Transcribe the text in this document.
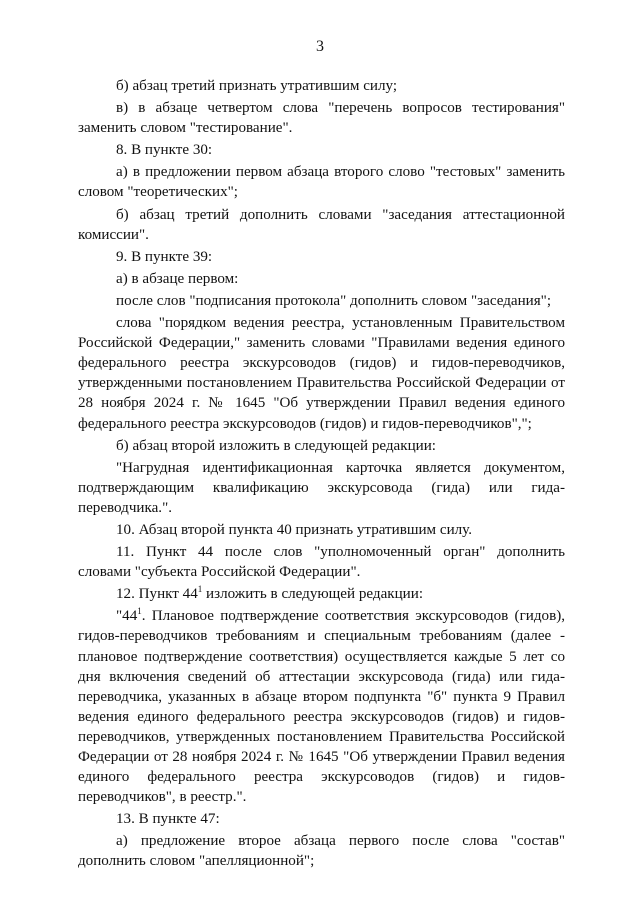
3

б) абзац третий признать утратившим силу;

в) в абзаце четвертом слова "перечень вопросов тестирования" заменить словом "тестирование".

8. В пункте 30:

а) в предложении первом абзаца второго слово "тестовых" заменить словом "теоретических";

б) абзац третий дополнить словами "заседания аттестационной комиссии".

9. В пункте 39:

а) в абзаце первом:

после слов "подписания протокола" дополнить словом "заседания";

слова "порядком ведения реестра, установленным Правительством Российской Федерации," заменить словами "Правилами ведения единого федерального реестра экскурсоводов (гидов) и гидов-переводчиков, утвержденными постановлением Правительства Российской Федерации от 28 ноября 2024 г. № 1645 "Об утверждении Правил ведения единого федерального реестра экскурсоводов (гидов) и гидов-переводчиков",";

б) абзац второй изложить в следующей редакции:

"Нагрудная идентификационная карточка является документом, подтверждающим квалификацию экскурсовода (гида) или гида-переводчика.".

10. Абзац второй пункта 40 признать утратившим силу.

11. Пункт 44 после слов "уполномоченный орган" дополнить словами "субъекта Российской Федерации".

12. Пункт $44^1$ изложить в следующей редакции:

"$44^1$. Плановое подтверждение соответствия экскурсоводов (гидов), гидов-переводчиков требованиям и специальным требованиям (далее - плановое подтверждение соответствия) осуществляется каждые 5 лет со дня включения сведений об аттестации экскурсовода (гида) или гида-переводчика, указанных в абзаце втором подпункта "б" пункта 9 Правил ведения единого федерального реестра экскурсоводов (гидов) и гидов-переводчиков, утвержденных постановлением Правительства Российской Федерации от 28 ноября 2024 г. № 1645 "Об утверждении Правил ведения единого федерального реестра экскурсоводов (гидов) и гидов-переводчиков", в реестр.".

13. В пункте 47:

а) предложение второе абзаца первого после слова "состав" дополнить словом "апелляционной";
